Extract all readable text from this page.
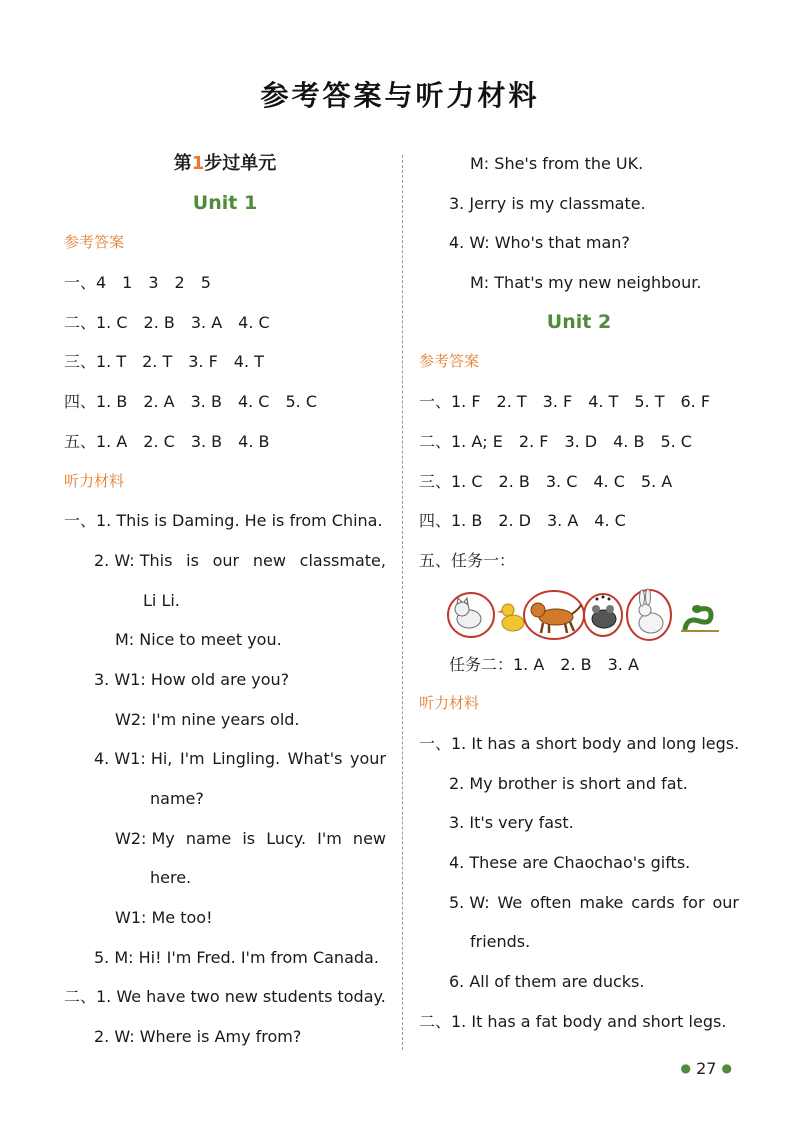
参考答案与听力材料
第1步过单元
Unit 1
参考答案
一、4　1　3　2　5
二、1. C　2. B　3. A　4. C
三、1. T　2. T　3. F　4. T
四、1. B　2. A　3. B　4. C　5. C
五、1. A　2. C　3. B　4. B
听力材料
一、1. This is Daming. He is from China.
2. W: This is our new classmate,
Li Li.
M: Nice to meet you.
3. W1: How old are you?
W2: I'm nine years old.
4. W1: Hi, I'm Lingling. What's your
name?
W2: My name is Lucy. I'm new
here.
W1: Me too!
5. M: Hi! I'm Fred. I'm from Canada.
二、1. We have two new students today.
2. W: Where is Amy from?
M: She's from the UK.
3. Jerry is my classmate.
4. W: Who's that man?
M: That's my new neighbour.
Unit 2
参考答案
一、1. F　2. T　3. F　4. T　5. T　6. F
二、1. A; E　2. F　3. D　4. B　5. C
三、1. C　2. B　3. C　4. C　5. A
四、1. B　2. D　3. A　4. C
五、任务一：
任务二：1. A　2. B　3. A
听力材料
一、1. It has a short body and long legs.
2. My brother is short and fat.
3. It's very fast.
4. These are Chaochao's gifts.
5. W: We often make cards for our
friends.
6. All of them are ducks.
二、1. It has a fat body and short legs.
● 27 ●
